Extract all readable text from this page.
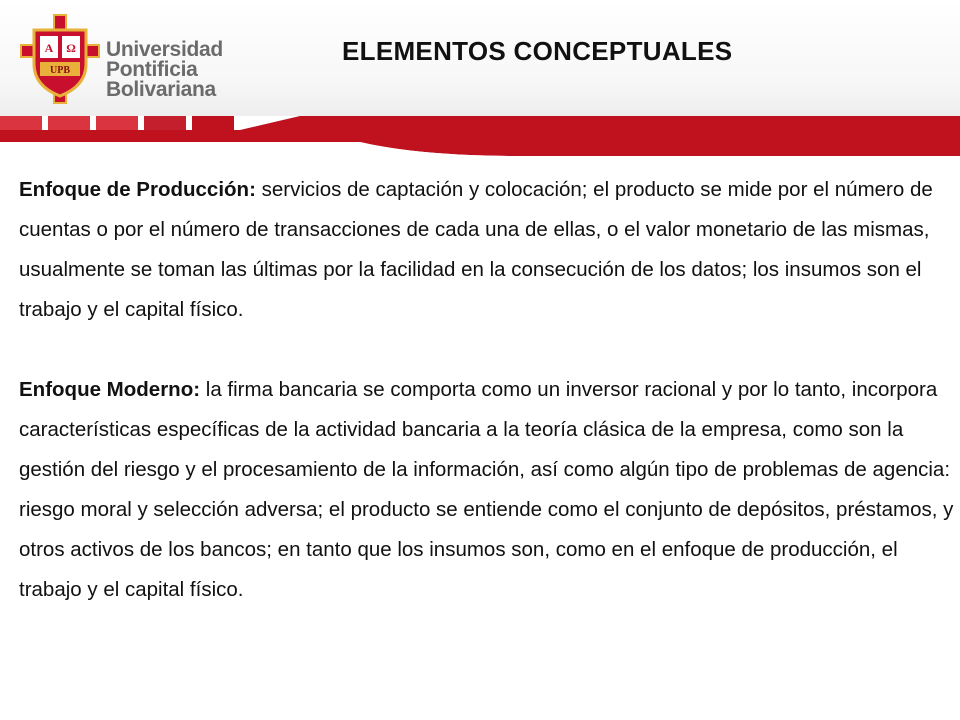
A Ω
UPB
Universidad
Pontificia
Bolivariana
ELEMENTOS CONCEPTUALES

Enfoque de Producción: servicios de captación y colocación; el producto se mide por el número de cuentas o por el número de transacciones de cada una de ellas, o el valor monetario de las mismas, usualmente se toman las últimas por la facilidad en la consecución de los datos; los insumos son el trabajo y el capital físico.

Enfoque Moderno: la firma bancaria se comporta como un inversor racional y por lo tanto, incorpora características específicas de la actividad bancaria a la teoría clásica de la empresa, como son la gestión del riesgo y el procesamiento de la información, así como algún tipo de problemas de agencia: riesgo moral y selección adversa; el producto se entiende como el conjunto de depósitos, préstamos, y otros activos de los bancos; en tanto que los insumos son, como en el enfoque de producción, el trabajo y el capital físico.
